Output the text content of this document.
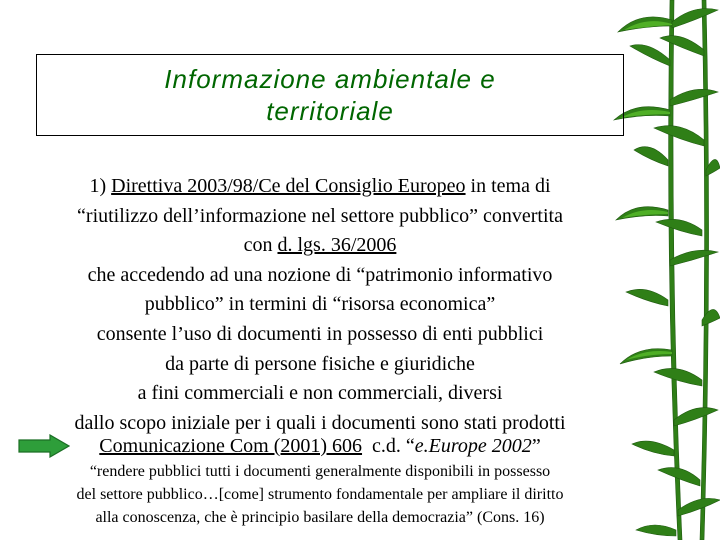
Informazione ambientale e
territoriale
1) Direttiva 2003/98/Ce del Consiglio Europeo in tema di
“riutilizzo dell’informazione nel settore pubblico” convertita
con d. lgs. 36/2006
che accedendo ad una nozione di “patrimonio informativo
pubblico” in termini di “risorsa economica”
consente l’uso di documenti in possesso di enti pubblici
da parte di persone fisiche e giuridiche
a fini commerciali e non commerciali, diversi
dallo scopo iniziale per i quali i documenti sono stati prodotti
Comunicazione Com (2001) 606  c.d. “e.Europe 2002”
“rendere pubblici tutti i documenti generalmente disponibili in possesso
del settore pubblico…[come] strumento fondamentale per ampliare il diritto
alla conoscenza, che è principio basilare della democrazia” (Cons. 16)
